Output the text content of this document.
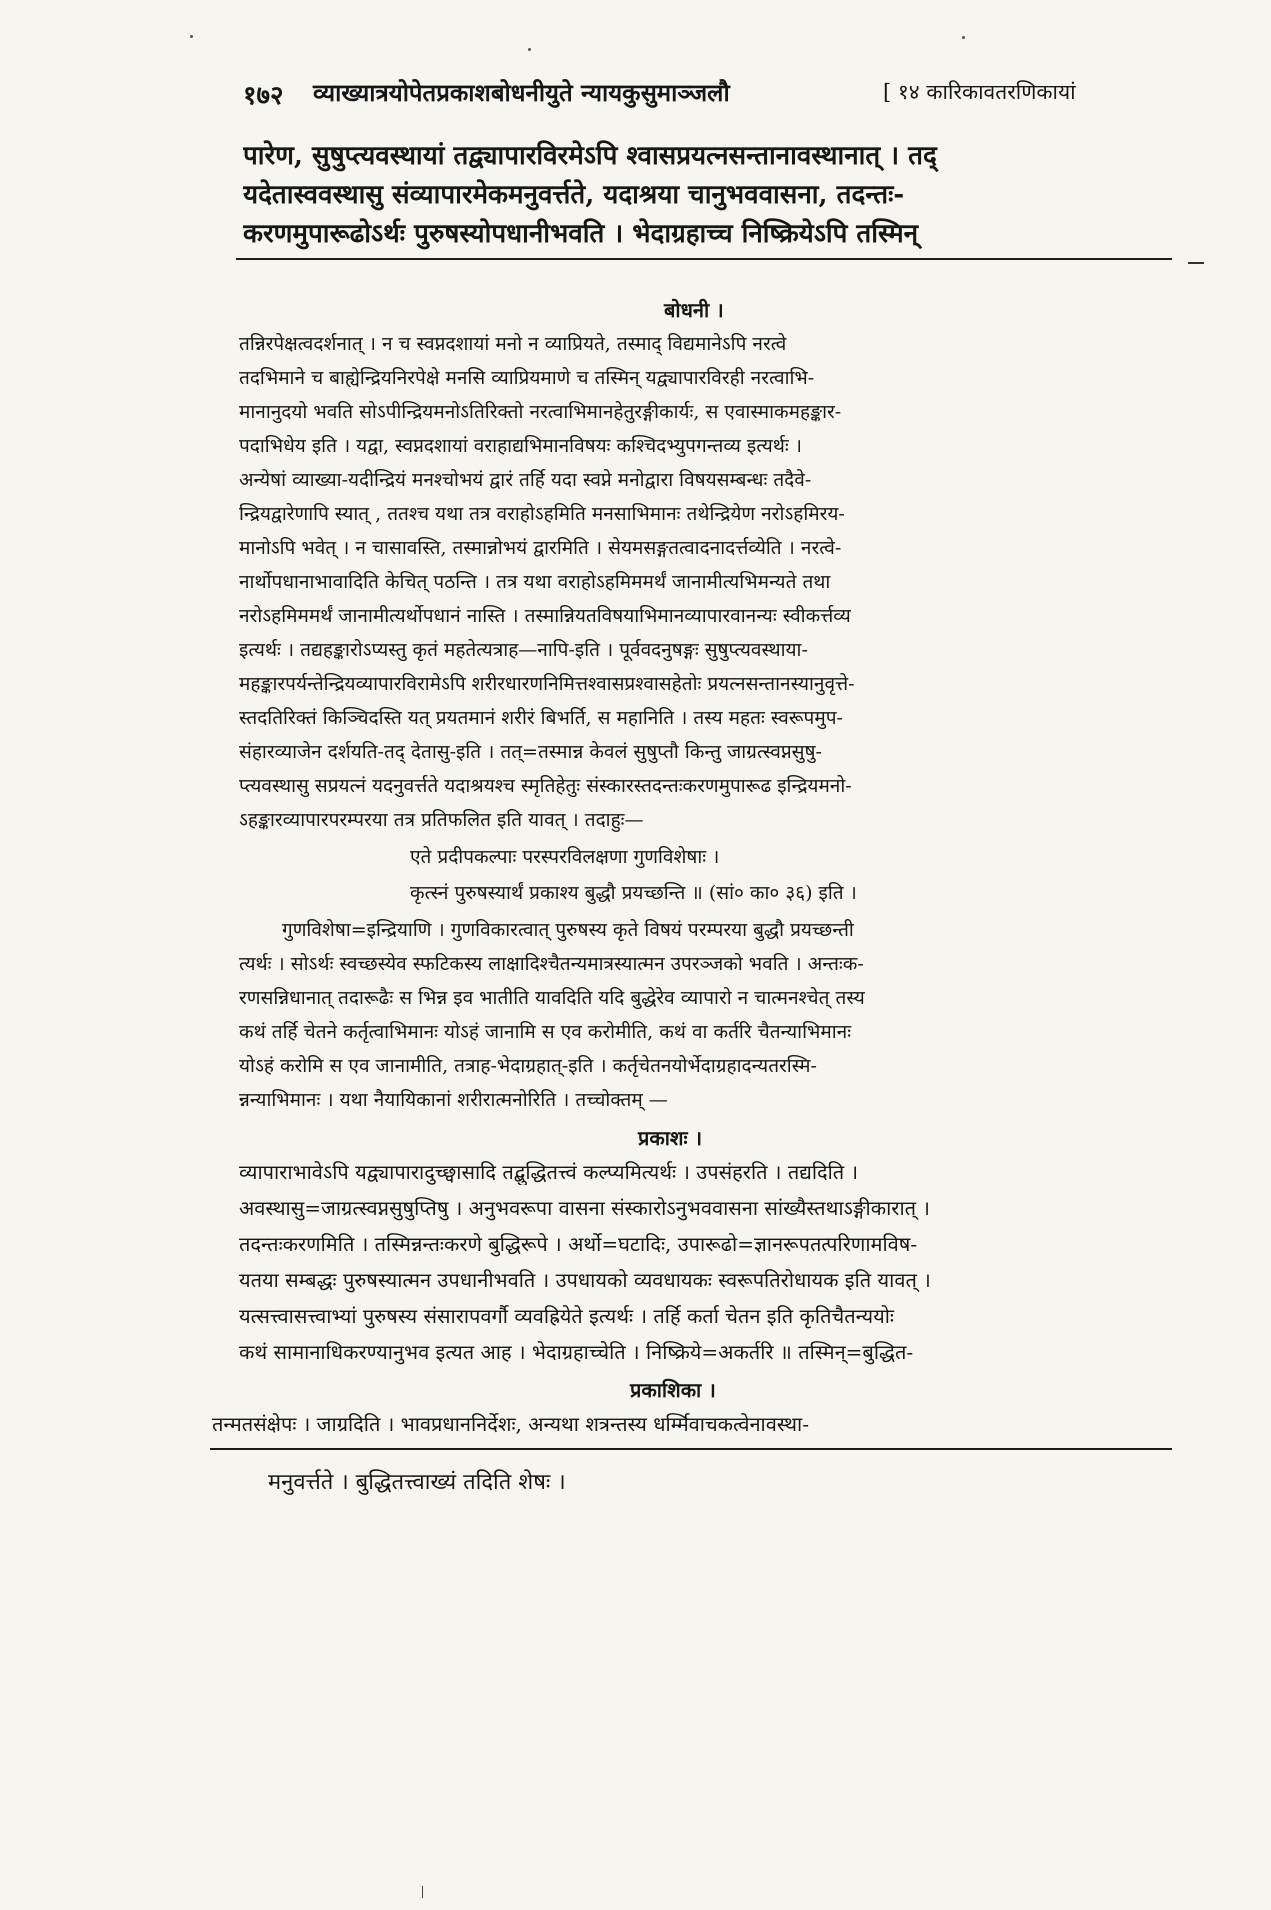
१७२ व्याख्यात्रयोपेतप्रकाशबोधनीयुते न्यायकुसुमाञ्जलौ	[ १४ कारिकावतरणिकायां
पारेण, सुषुप्त्यवस्थायां तद्व्यापारविरमेऽपि श्वासप्रयत्नसन्तानावस्थानात् । तद्
यदेतास्ववस्थासु संव्यापारमेकमनुवर्त्तते, यदाश्रया चानुभववासना, तदन्तः-
करणमुपारूढोऽर्थः पुरुषस्योपधानीभवति । भेदाग्रहाच्च निष्क्रियेऽपि तस्मिन्
बोधनी ।
तन्निरपेक्षत्वदर्शनात् । न च स्वप्नदशायां मनो न व्याप्रियते, तस्माद् विद्यमानेऽपि नरत्वे
तदभिमाने च बाह्येन्द्रियनिरपेक्षे मनसि व्याप्रियमाणे च तस्मिन् यद्व्यापारविरही नरत्वाभि-
मानानुदयो भवति सोऽपीन्द्रियमनोऽतिरिक्तो नरत्वाभिमानहेतुरङ्गीकार्यः, स एवास्माकमहङ्कार-
पदाभिधेय इति । यद्वा, स्वप्नदशायां वराहाद्यभिमानविषयः कश्चिदभ्युपगन्तव्य इत्यर्थः ।
अन्येषां व्याख्या-यदीन्द्रियं मनश्चोभयं द्वारं तर्हि यदा स्वप्ने मनोद्वारा विषयसम्बन्धः तदैवे-
न्द्रियद्वारेणापि स्यात् , ततश्च यथा तत्र वराहोऽहमिति मनसाभिमानः तथेन्द्रियेण नरोऽहमिरय-
मानोऽपि भवेत् । न चासावस्ति, तस्मान्नोभयं द्वारमिति । सेयमसङ्गतत्वादनादर्त्तव्येति । नरत्वे-
नार्थोपधानाभावादिति केचित् पठन्ति । तत्र यथा वराहोऽहमिममर्थं जानामीत्यभिमन्यते तथा
नरोऽहमिममर्थं जानामीत्यर्थोपधानं नास्ति । तस्मान्नियतविषयाभिमानव्यापारवानन्यः स्वीकर्त्तव्य
इत्यर्थः । तद्यहङ्कारोऽप्यस्तु कृतं महतेत्यत्राह—नापि-इति । पूर्ववदनुषङ्गः सुषुप्त्यवस्थाया-
महङ्कारपर्यन्तेन्द्रियव्यापारविरामेऽपि शरीरधारणनिमित्तश्वासप्रश्वासहेतोः प्रयत्नसन्तानस्यानुवृत्ते-
स्तदतिरिक्तं किञ्चिदस्ति यत् प्रयतमानं शरीरं बिभर्ति, स महानिति । तस्य महतः स्वरूपमुप-
संहारव्याजेन दर्शयति-तद् देतासु-इति । तत्=तस्मान्न केवलं सुषुप्तौ किन्तु जाग्रत्स्वप्नसुषु-
प्त्यवस्थासु सप्रयत्नं यदनुवर्त्तते यदाश्रयश्च स्मृतिहेतुः संस्कारस्तदन्तःकरणमुपारूढ इन्द्रियमनो-
ऽहङ्कारव्यापारपरम्परया तत्र प्रतिफलित इति यावत् । तदाहुः—
एते प्रदीपकल्पाः परस्परविलक्षणा गुणविशेषाः ।
कृत्स्नं पुरुषस्यार्थं प्रकाश्य बुद्धौ प्रयच्छन्ति ॥ (सां० का० ३६) इति ।
गुणविशेषा=इन्द्रियाणि । गुणविकारत्वात् पुरुषस्य कृते विषयं परम्परया बुद्धौ प्रयच्छन्ती
त्यर्थः । सोऽर्थः स्वच्छस्येव स्फटिकस्य लाक्षादिश्चैतन्यमात्रस्यात्मन उपरञ्जको भवति । अन्तःक-
रणसन्निधानात् तदारूढैः स भिन्न इव भातीति यावदिति यदि बुद्धेरेव व्यापारो न चात्मनश्चेत् तस्य
कथं तर्हि चेतने कर्तृत्वाभिमानः योऽहं जानामि स एव करोमीति, कथं वा कर्तरि चैतन्याभिमानः
योऽहं करोमि स एव जानामीति, तत्राह-भेदाग्रहात्-इति । कर्तृचेतनयोर्भेदाग्रहादन्यतरस्मि-
न्नन्याभिमानः । यथा नैयायिकानां शरीरात्मनोरिति । तच्चोक्तम् —
प्रकाशः ।
व्यापाराभावेऽपि यद्व्यापारादुच्छ्वासादि तद्बुद्धितत्त्वं कल्प्यमित्यर्थः । उपसंहरति । तद्यदिति ।
अवस्थासु=जाग्रत्स्वप्नसुषुप्तिषु । अनुभवरूपा वासना संस्कारोऽनुभववासना सांख्यैस्तथाऽङ्गीकारात् ।
तदन्तःकरणमिति । तस्मिन्नन्तःकरणे बुद्धिरूपे । अर्थो=घटादिः, उपारूढो=ज्ञानरूपतत्परिणामविष-
यतया सम्बद्धः पुरुषस्यात्मन उपधानीभवति । उपधायको व्यवधायकः स्वरूपतिरोधायक इति यावत् ।
यत्सत्त्वासत्त्वाभ्यां पुरुषस्य संसारापवर्गौ व्यवह्रियेते इत्यर्थः । तर्हि कर्ता चेतन इति कृतिचैतन्ययोः
कथं सामानाधिकरण्यानुभव इत्यत आह । भेदाग्रहाच्चेति । निष्क्रिये=अकर्तरि ॥ तस्मिन्=बुद्धित-
प्रकाशिका ।
तन्मतसंक्षेपः । जाग्रदिति । भावप्रधाननिर्देशः, अन्यथा शत्रन्तस्य धर्म्मिवाचकत्वेनावस्था-
मनुवर्त्तते । बुद्धितत्त्वाख्यं तदिति शेषः ।
